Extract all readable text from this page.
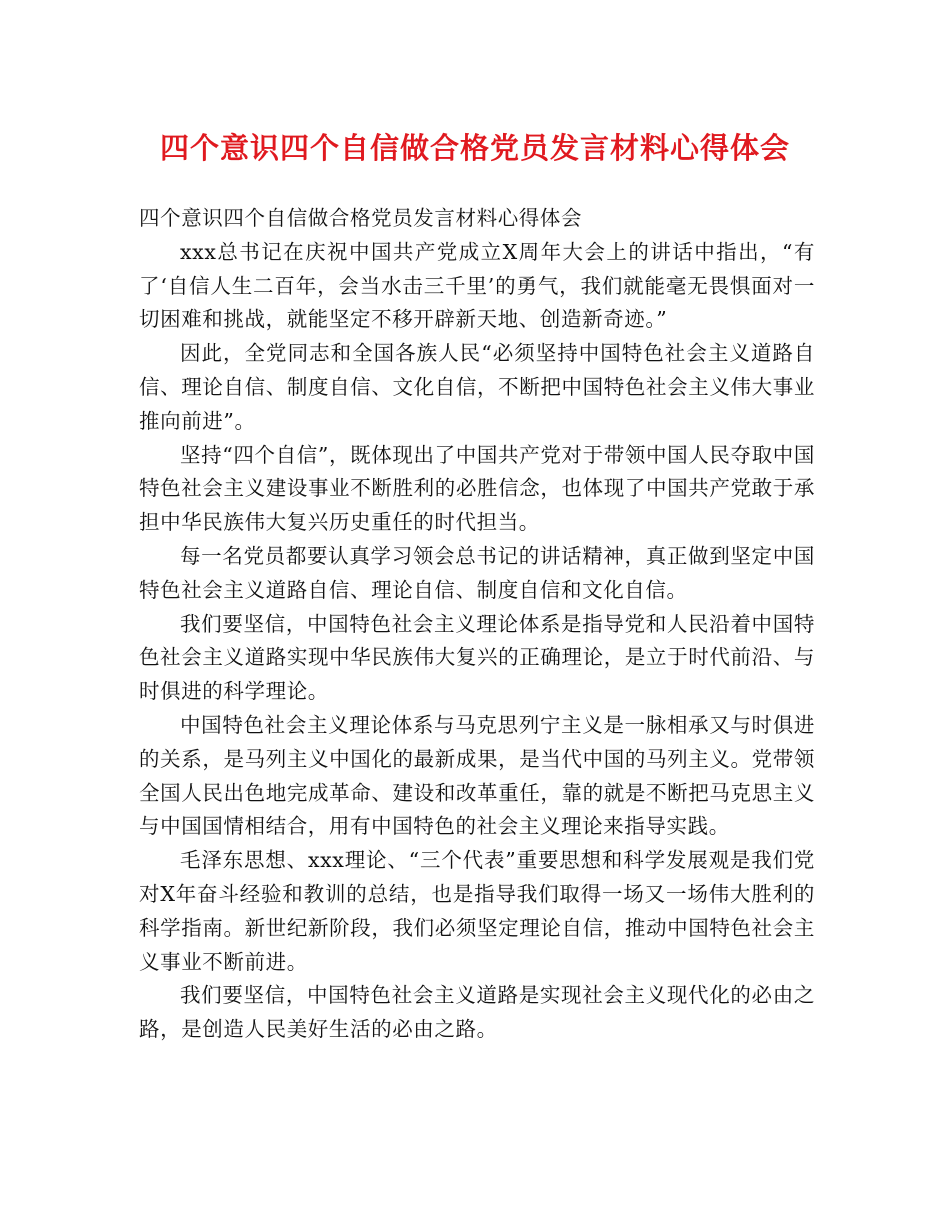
四个意识四个自信做合格党员发言材料心得体会

四个意识四个自信做合格党员发言材料心得体会

xxx总书记在庆祝中国共产党成立X周年大会上的讲话中指出，“有了‘自信人生二百年，会当水击三千里’的勇气，我们就能毫无畏惧面对一切困难和挑战，就能坚定不移开辟新天地、创造新奇迹。”

因此，全党同志和全国各族人民“必须坚持中国特色社会主义道路自信、理论自信、制度自信、文化自信，不断把中国特色社会主义伟大事业推向前进”。

坚持“四个自信”，既体现出了中国共产党对于带领中国人民夺取中国特色社会主义建设事业不断胜利的必胜信念，也体现了中国共产党敢于承担中华民族伟大复兴历史重任的时代担当。

每一名党员都要认真学习领会总书记的讲话精神，真正做到坚定中国特色社会主义道路自信、理论自信、制度自信和文化自信。

我们要坚信，中国特色社会主义理论体系是指导党和人民沿着中国特色社会主义道路实现中华民族伟大复兴的正确理论，是立于时代前沿、与时俱进的科学理论。

中国特色社会主义理论体系与马克思列宁主义是一脉相承又与时俱进的关系，是马列主义中国化的最新成果，是当代中国的马列主义。党带领全国人民出色地完成革命、建设和改革重任，靠的就是不断把马克思主义与中国国情相结合，用有中国特色的社会主义理论来指导实践。

毛泽东思想、xxx理论、“三个代表”重要思想和科学发展观是我们党对X年奋斗经验和教训的总结，也是指导我们取得一场又一场伟大胜利的科学指南。新世纪新阶段，我们必须坚定理论自信，推动中国特色社会主义事业不断前进。

我们要坚信，中国特色社会主义道路是实现社会主义现代化的必由之路，是创造人民美好生活的必由之路。
